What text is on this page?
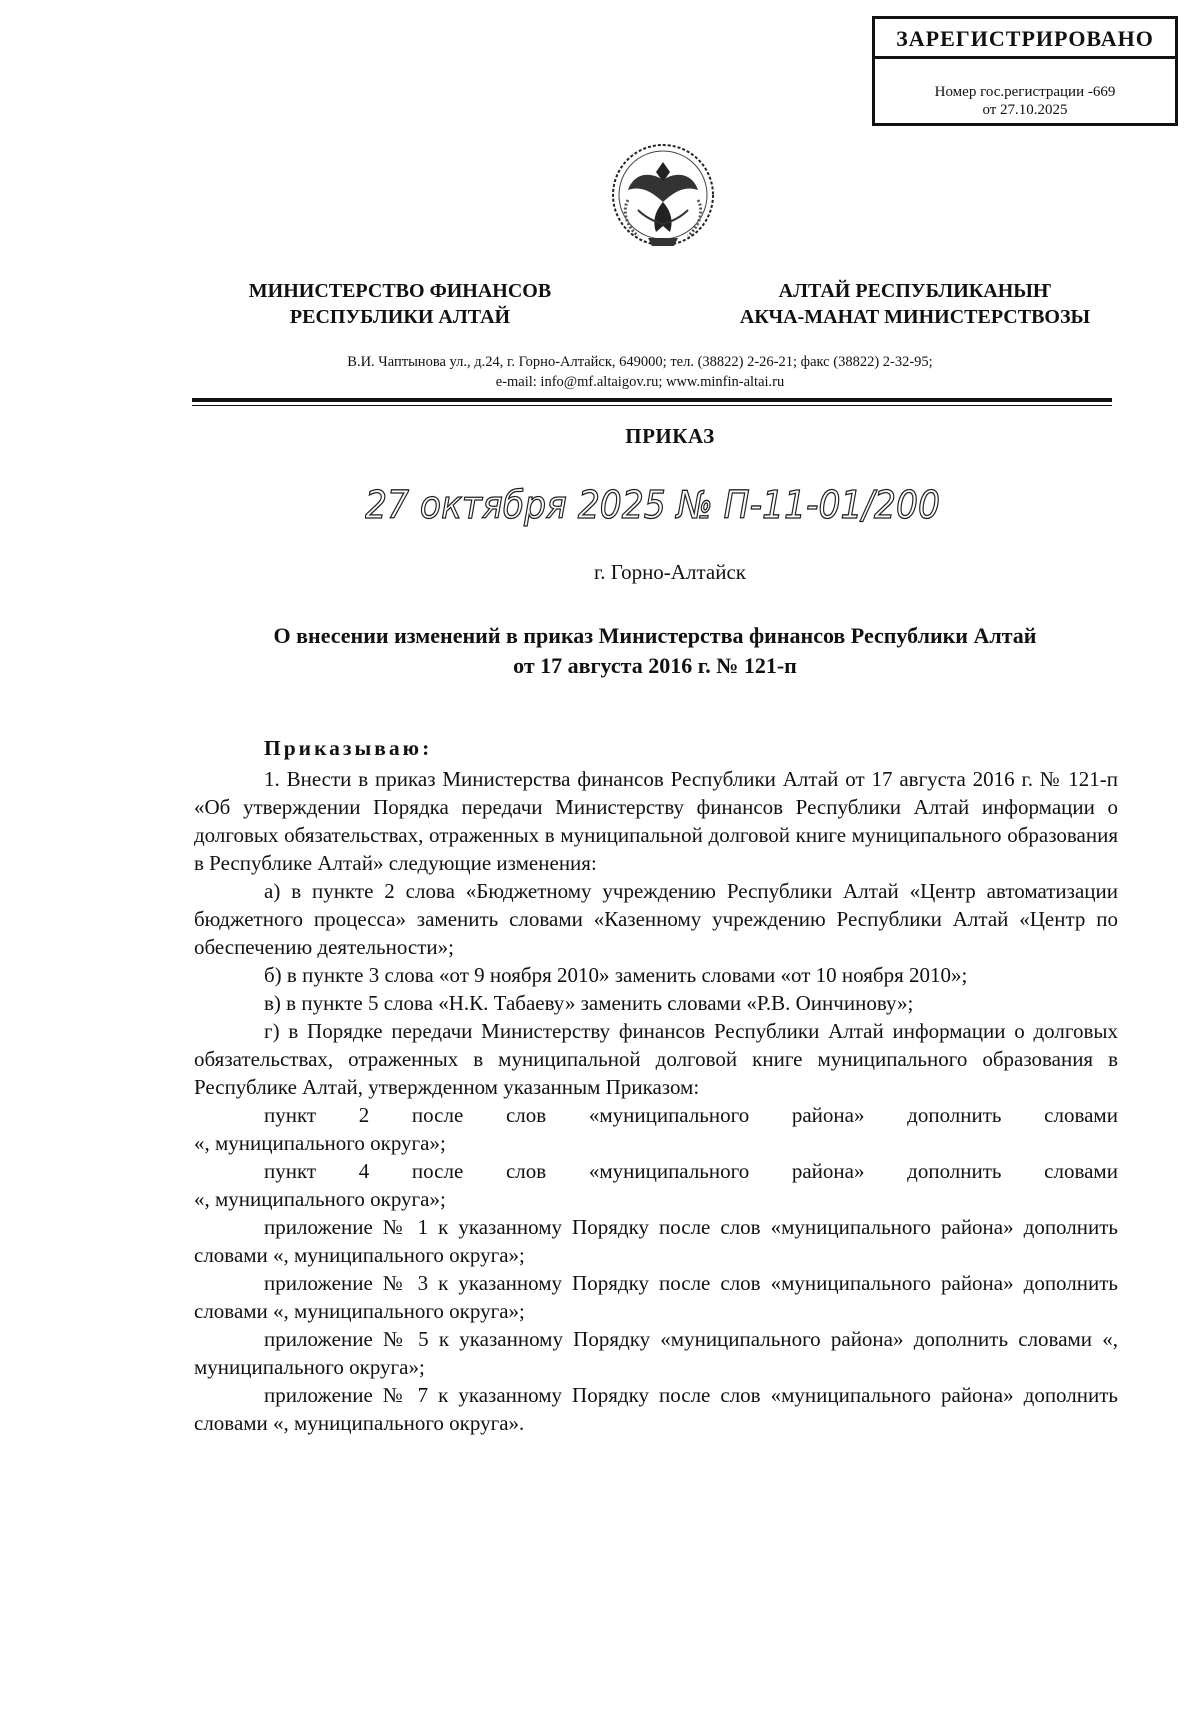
ЗАРЕГИСТРИРОВАНО
Номер гос.регистрации -669
от 27.10.2025
МИНИСТЕРСТВО ФИНАНСОВ
РЕСПУБЛИКИ АЛТАЙ
АЛТАЙ РЕСПУБЛИКАНЫҤ
АКЧА-МАНАТ МИНИСТЕРСТВОЗЫ
В.И. Чаптынова ул., д.24, г. Горно-Алтайск, 649000; тел. (38822) 2-26-21; факс (38822) 2-32-95;
e-mail: info@mf.altaigov.ru; www.minfin-altai.ru
ПРИКАЗ
27 октября 2025 № П-11-01/200
г. Горно-Алтайск
О внесении изменений в приказ Министерства финансов Республики Алтай
от 17 августа 2016 г. № 121-п

Приказываю:

1. Внести в приказ Министерства финансов Республики Алтай от 17 августа 2016 г. № 121-п «Об утверждении Порядка передачи Министерству финансов Республики Алтай информации о долговых обязательствах, отраженных в муниципальной долговой книге муниципального образования в Республике Алтай» следующие изменения:

а) в пункте 2 слова «Бюджетному учреждению Республики Алтай «Центр автоматизации бюджетного процесса» заменить словами «Казенному учреждению Республики Алтай «Центр по обеспечению деятельности»;

б) в пункте 3 слова «от 9 ноября 2010» заменить словами «от 10 ноября 2010»;

в) в пункте 5 слова «Н.К. Табаеву» заменить словами «Р.В. Оинчинову»;

г) в Порядке передачи Министерству финансов Республики Алтай информации о долговых обязательствах, отраженных в муниципальной долговой книге муниципального образования в Республике Алтай, утвержденном указанным Приказом:

пункт 2 после слов «муниципального района» дополнить словами

«, муниципального округа»;

пункт 4 после слов «муниципального района» дополнить словами

«, муниципального округа»;

приложение № 1 к указанному Порядку после слов «муниципального района» дополнить словами «, муниципального округа»;

приложение № 3 к указанному Порядку после слов «муниципального района» дополнить словами «, муниципального округа»;

приложение № 5 к указанному Порядку «муниципального района» дополнить словами «, муниципального округа»;

приложение № 7 к указанному Порядку после слов «муниципального района» дополнить словами «, муниципального округа».
